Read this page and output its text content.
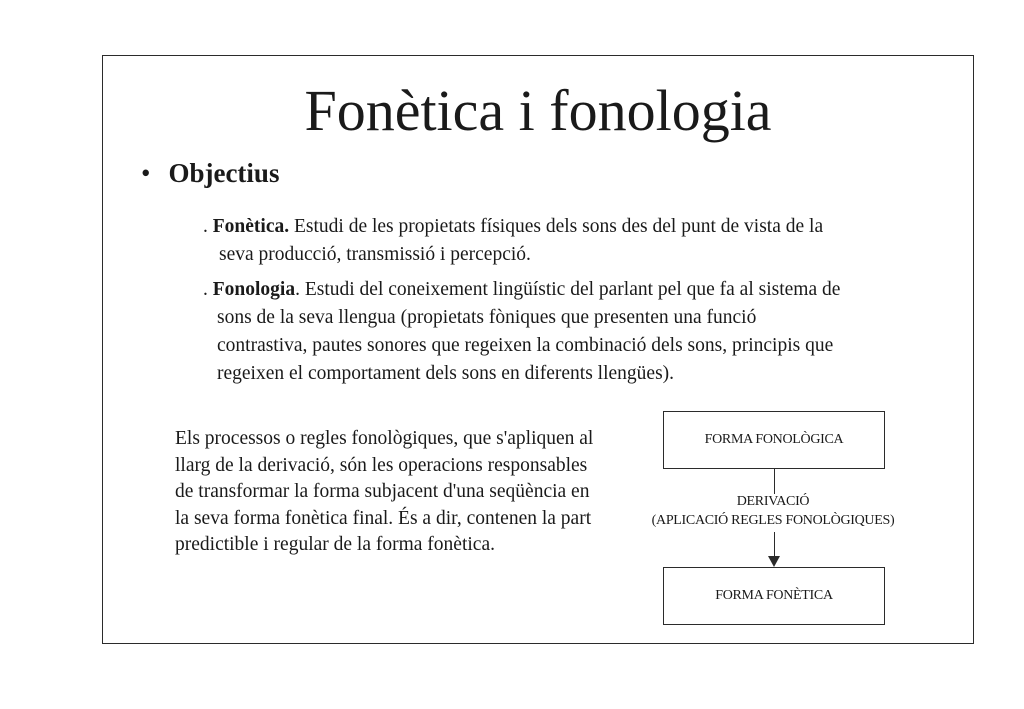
Fonètica i fonologia
• Objectius
. Fonètica. Estudi de les propietats físiques dels sons des del punt de vista de la
seva producció, transmissió i percepció.
. Fonologia. Estudi del coneixement lingüístic del parlant pel que fa al sistema de
sons de la seva llengua (propietats fòniques que presenten una funció
contrastiva, pautes sonores que regeixen la combinació dels sons, principis que
regeixen el comportament dels sons en diferents llengües).
Els processos o regles fonològiques, que s'apliquen al llarg de la derivació, són les operacions responsables de transformar la forma subjacent d'una seqüència en la seva forma fonètica final. És a dir, contenen la part predictible i regular de la forma fonètica.
FORMA FONOLÒGICA
DERIVACIÓ
(APLICACIÓ REGLES FONOLÒGIQUES)
FORMA FONÈTICA
